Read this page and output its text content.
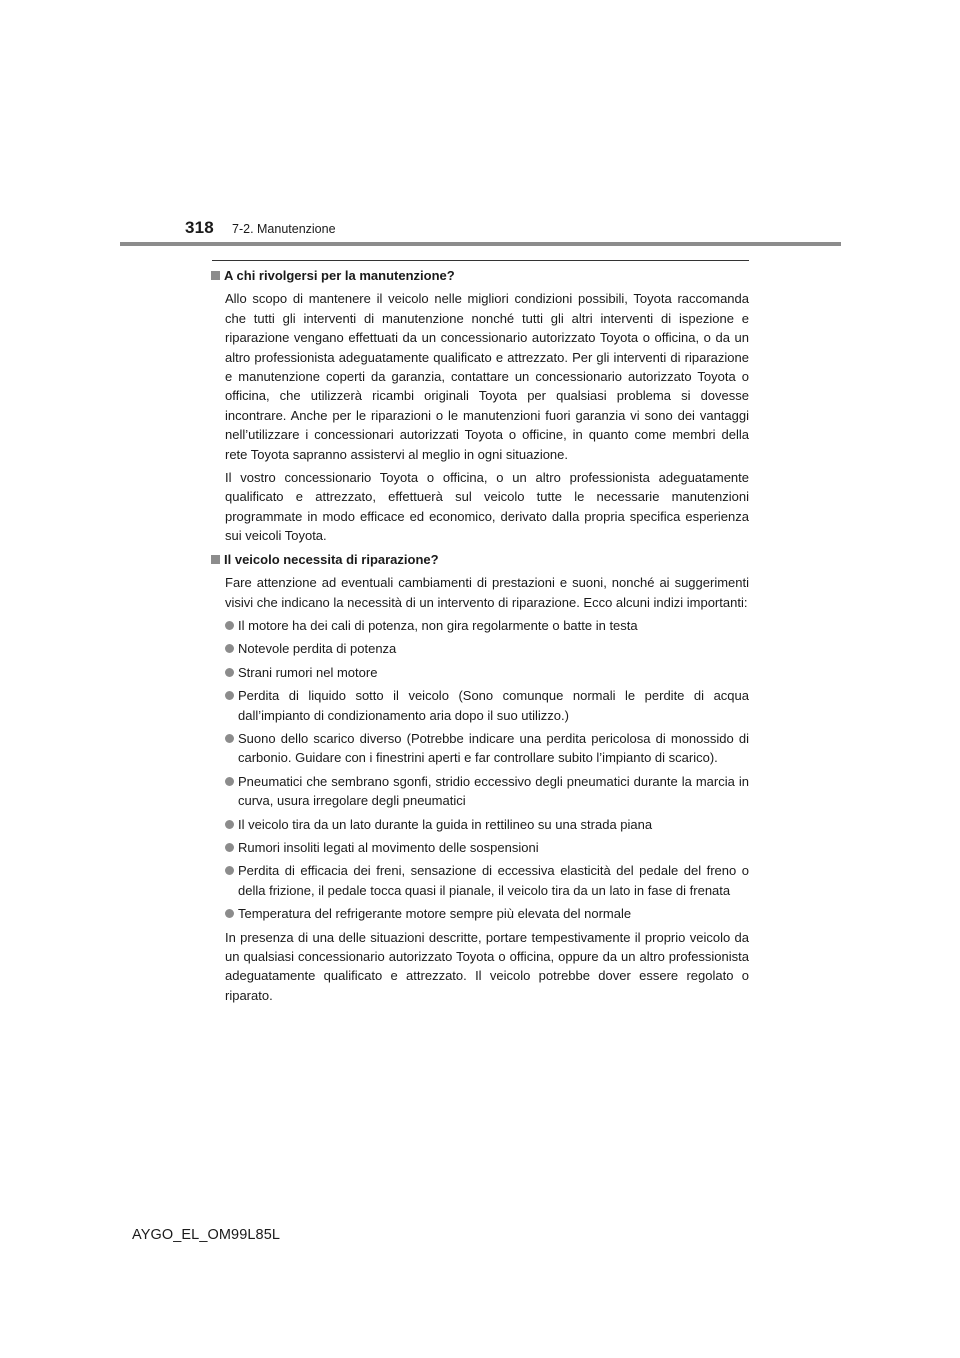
318 7-2. Manutenzione
A chi rivolgersi per la manutenzione?

Allo scopo di mantenere il veicolo nelle migliori condizioni possibili, Toyota raccomanda che tutti gli interventi di manutenzione nonché tutti gli altri interventi di ispezione e riparazione vengano effettuati da un concessionario autorizzato Toyota o officina, o da un altro professionista adeguatamente qualificato e attrezzato. Per gli interventi di riparazione e manutenzione coperti da garanzia, contattare un concessionario autorizzato Toyota o officina, che utilizzerà ricambi originali Toyota per qualsiasi problema si dovesse incontrare. Anche per le riparazioni o le manutenzioni fuori garanzia vi sono dei vantaggi nell’utilizzare i concessionari autorizzati Toyota o officine, in quanto come membri della rete Toyota sapranno assistervi al meglio in ogni situazione.

Il vostro concessionario Toyota o officina, o un altro professionista adeguatamente qualificato e attrezzato, effettuerà sul veicolo tutte le necessarie manutenzioni programmate in modo efficace ed economico, derivato dalla propria specifica esperienza sui veicoli Toyota.

Il veicolo necessita di riparazione?

Fare attenzione ad eventuali cambiamenti di prestazioni e suoni, nonché ai suggerimenti visivi che indicano la necessità di un intervento di riparazione. Ecco alcuni indizi importanti:

Il motore ha dei cali di potenza, non gira regolarmente o batte in testa
Notevole perdita di potenza
Strani rumori nel motore
Perdita di liquido sotto il veicolo (Sono comunque normali le perdite di acqua dall’impianto di condizionamento aria dopo il suo utilizzo.)
Suono dello scarico diverso (Potrebbe indicare una perdita pericolosa di monossido di carbonio. Guidare con i finestrini aperti e far controllare subito l’impianto di scarico).
Pneumatici che sembrano sgonfi, stridio eccessivo degli pneumatici durante la marcia in curva, usura irregolare degli pneumatici
Il veicolo tira da un lato durante la guida in rettilineo su una strada piana
Rumori insoliti legati al movimento delle sospensioni
Perdita di efficacia dei freni, sensazione di eccessiva elasticità del pedale del freno o della frizione, il pedale tocca quasi il pianale, il veicolo tira da un lato in fase di frenata
Temperatura del refrigerante motore sempre più elevata del normale

In presenza di una delle situazioni descritte, portare tempestivamente il proprio veicolo da un qualsiasi concessionario autorizzato Toyota o officina, oppure da un altro professionista adeguatamente qualificato e attrezzato. Il veicolo potrebbe dover essere regolato o riparato.

AYGO_EL_OM99L85L
